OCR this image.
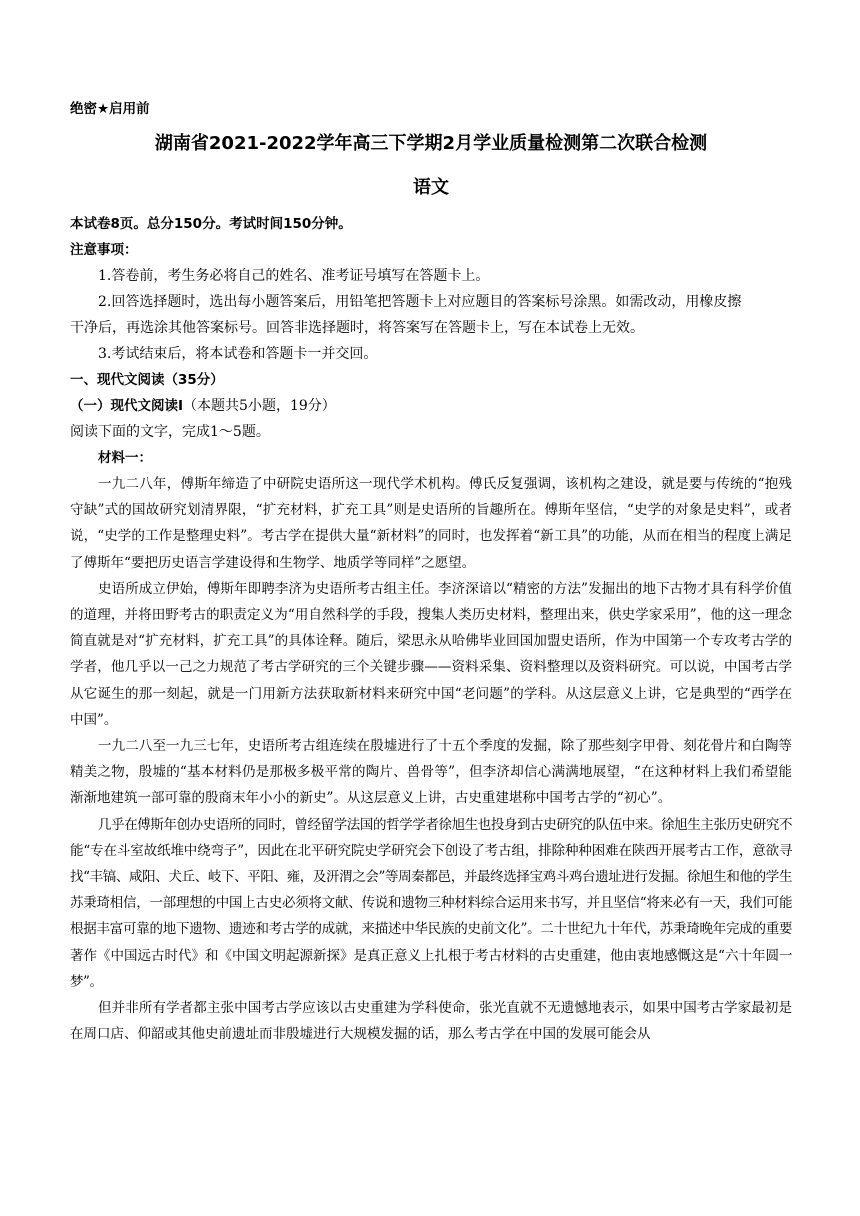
绝密★启用前
湖南省2021-2022学年高三下学期2月学业质量检测第二次联合检测
语文
本试卷8页。总分150分。考试时间150分钟。
注意事项：
1.答卷前，考生务必将自己的姓名、准考证号填写在答题卡上。
2.回答选择题时，选出每小题答案后，用铅笔把答题卡上对应题目的答案标号涂黑。如需改动，用橡皮擦
干净后，再选涂其他答案标号。回答非选择题时，将答案写在答题卡上，写在本试卷上无效。
3.考试结束后，将本试卷和答题卡一并交回。
一、现代文阅读（35分）
（一）现代文阅读Ⅰ（本题共5小题，19分）
阅读下面的文字，完成1～5题。
材料一：

一九二八年，傅斯年缔造了中研院史语所这一现代学术机构。傅氏反复强调，该机构之建设，就是要与传统的“抱残守缺”式的国故研究划清界限，“扩充材料，扩充工具”则是史语所的旨趣所在。傅斯年坚信，“史学的对象是史料”，或者说，“史学的工作是整理史料”。考古学在提供大量“新材料”的同时，也发挥着“新工具”的功能，从而在相当的程度上满足了傅斯年“要把历史语言学建设得和生物学、地质学等同样”之愿望。

史语所成立伊始，傅斯年即聘李济为史语所考古组主任。李济深谙以“精密的方法”发掘出的地下古物才具有科学价值的道理，并将田野考古的职责定义为“用自然科学的手段，搜集人类历史材料，整理出来，供史学家采用”，他的这一理念简直就是对“扩充材料，扩充工具”的具体诠释。随后，梁思永从哈佛毕业回国加盟史语所，作为中国第一个专攻考古学的学者，他几乎以一己之力规范了考古学研究的三个关键步骤——资料采集、资料整理以及资料研究。可以说，中国考古学从它诞生的那一刻起，就是一门用新方法获取新材料来研究中国“老问题”的学科。从这层意义上讲，它是典型的“西学在中国”。

一九二八至一九三七年，史语所考古组连续在殷墟进行了十五个季度的发掘，除了那些刻字甲骨、刻花骨片和白陶等精美之物，殷墟的“基本材料仍是那极多极平常的陶片、兽骨等”，但李济却信心满满地展望，“在这种材料上我们希望能渐渐地建筑一部可靠的殷商末年小小的新史”。从这层意义上讲，古史重建堪称中国考古学的“初心”。

几乎在傅斯年创办史语所的同时，曾经留学法国的哲学学者徐旭生也投身到古史研究的队伍中来。徐旭生主张历史研究不能“专在斗室故纸堆中绕弯子”，因此在北平研究院史学研究会下创设了考古组，排除种种困难在陕西开展考古工作，意欲寻找“丰镐、咸阳、犬丘、岐下、平阳、雍，及汧渭之会”等周秦都邑，并最终选择宝鸡斗鸡台遗址进行发掘。徐旭生和他的学生苏秉琦相信，一部理想的中国上古史必须将文献、传说和遗物三种材料综合运用来书写，并且坚信“将来必有一天，我们可能根据丰富可靠的地下遗物、遗迹和考古学的成就，来描述中华民族的史前文化”。二十世纪九十年代，苏秉琦晚年完成的重要著作《中国远古时代》和《中国文明起源新探》是真正意义上扎根于考古材料的古史重建，他由衷地感慨这是“六十年圆一梦”。

但并非所有学者都主张中国考古学应该以古史重建为学科使命，张光直就不无遗憾地表示，如果中国考古学家最初是在周口店、仰韶或其他史前遗址而非殷墟进行大规模发掘的话，那么考古学在中国的发展可能会从
